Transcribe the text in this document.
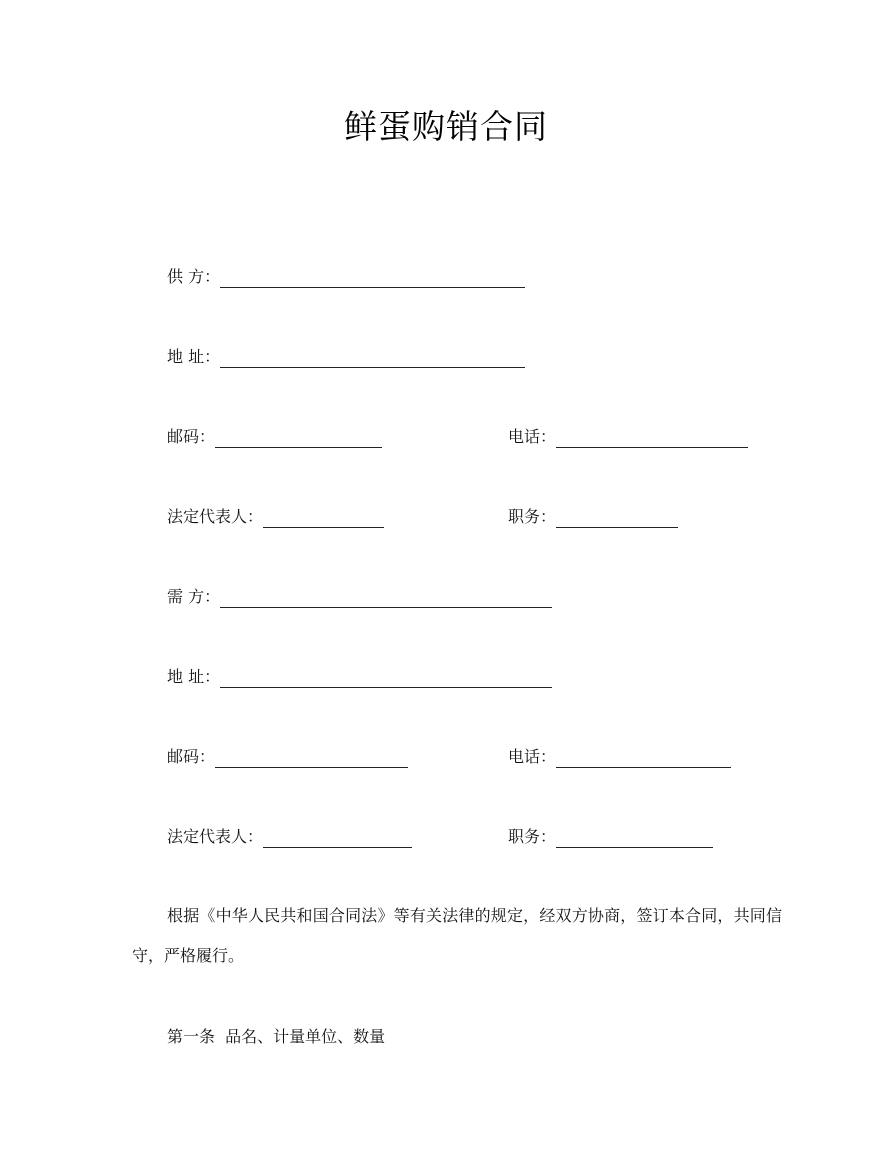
鲜蛋购销合同
供 方：
地 址：
邮码：	电话：
法定代表人：	职务：
需 方：
地 址：
邮码：	电话：
法定代表人：	职务：
根据《中华人民共和国合同法》等有关法律的规定，经双方协商，签订本合同，共同信守，严格履行。
第一条  品名、计量单位、数量
